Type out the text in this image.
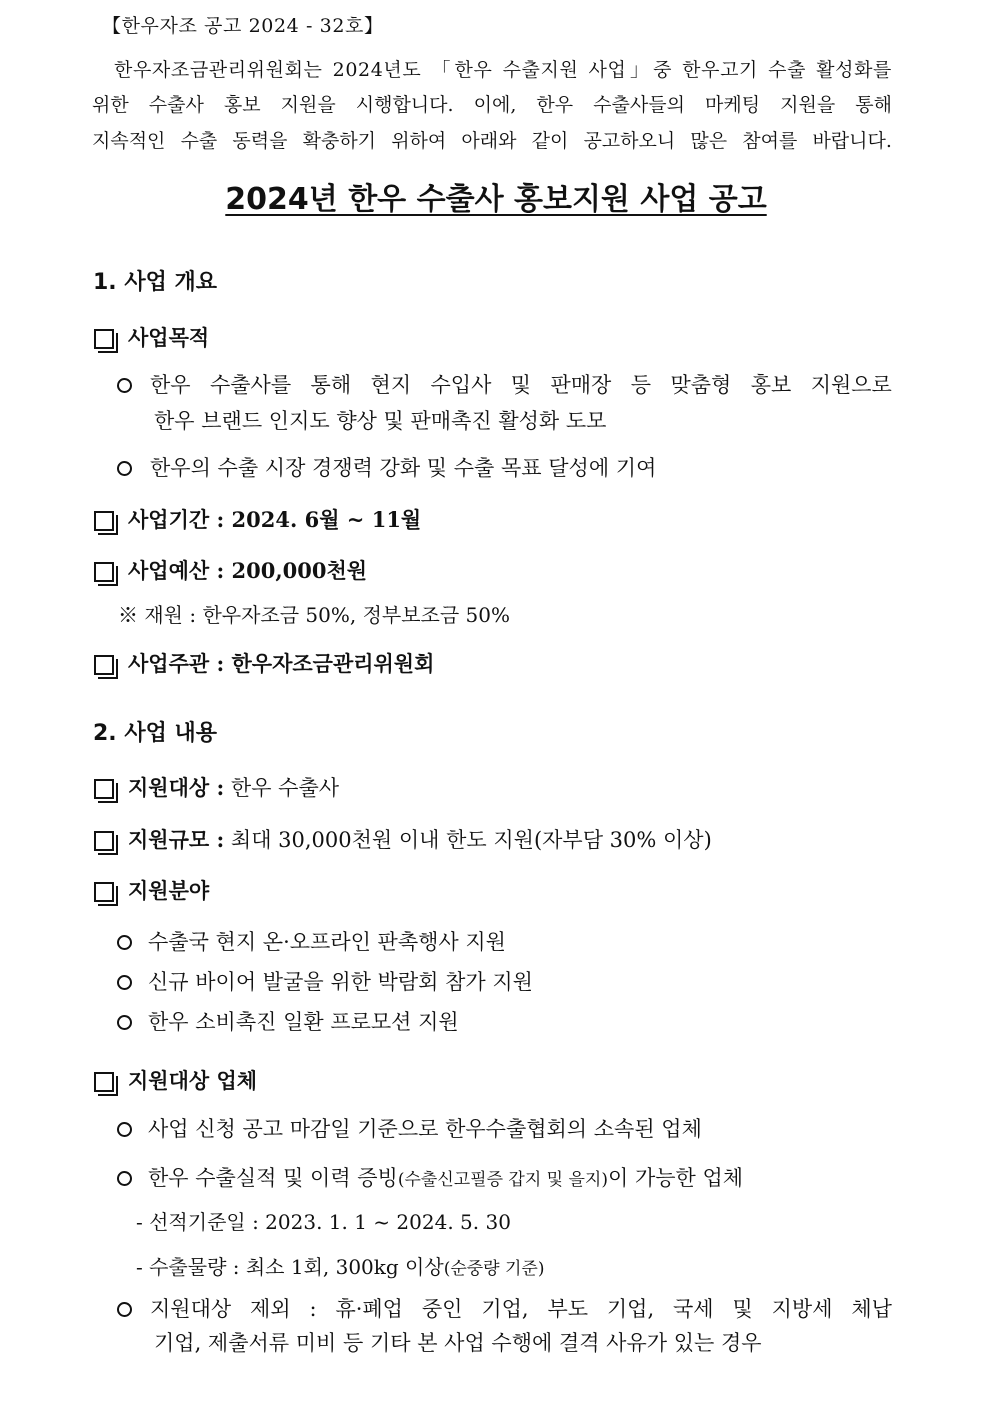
【한우자조 공고 2024 - 32호】
한우자조금관리위원회는 2024년도 「한우 수출지원 사업」중 한우고기 수출 활성화를
위한 수출사 홍보 지원을 시행합니다. 이에, 한우 수출사들의 마케팅 지원을 통해
지속적인 수출 동력을 확충하기 위하여 아래와 같이 공고하오니 많은 참여를 바랍니다.
2024년 한우 수출사 홍보지원 사업 공고
1. 사업 개요
사업목적
한우 수출사를 통해 현지 수입사 및 판매장 등 맞춤형 홍보 지원으로
한우 브랜드 인지도 향상 및 판매촉진 활성화 도모
한우의 수출 시장 경쟁력 강화 및 수출 목표 달성에 기여
사업기간 : 2024. 6월 ~ 11월
사업예산 : 200,000천원
※ 재원 : 한우자조금 50%, 정부보조금 50%
사업주관 : 한우자조금관리위원회
2. 사업 내용
지원대상 : 한우 수출사
지원규모 : 최대 30,000천원 이내 한도 지원(자부담 30% 이상)
지원분야
수출국 현지 온·오프라인 판촉행사 지원
신규 바이어 발굴을 위한 박람회 참가 지원
한우 소비촉진 일환 프로모션 지원
지원대상 업체
사업 신청 공고 마감일 기준으로 한우수출협회의 소속된 업체
한우 수출실적 및 이력 증빙(수출신고필증 갑지 및 을지)이 가능한 업체
- 선적기준일 : 2023. 1. 1 ~ 2024. 5. 30
- 수출물량 : 최소 1회, 300kg 이상(순중량 기준)
지원대상 제외 : 휴·폐업 중인 기업, 부도 기업, 국세 및 지방세 체납
기업, 제출서류 미비 등 기타 본 사업 수행에 결격 사유가 있는 경우
